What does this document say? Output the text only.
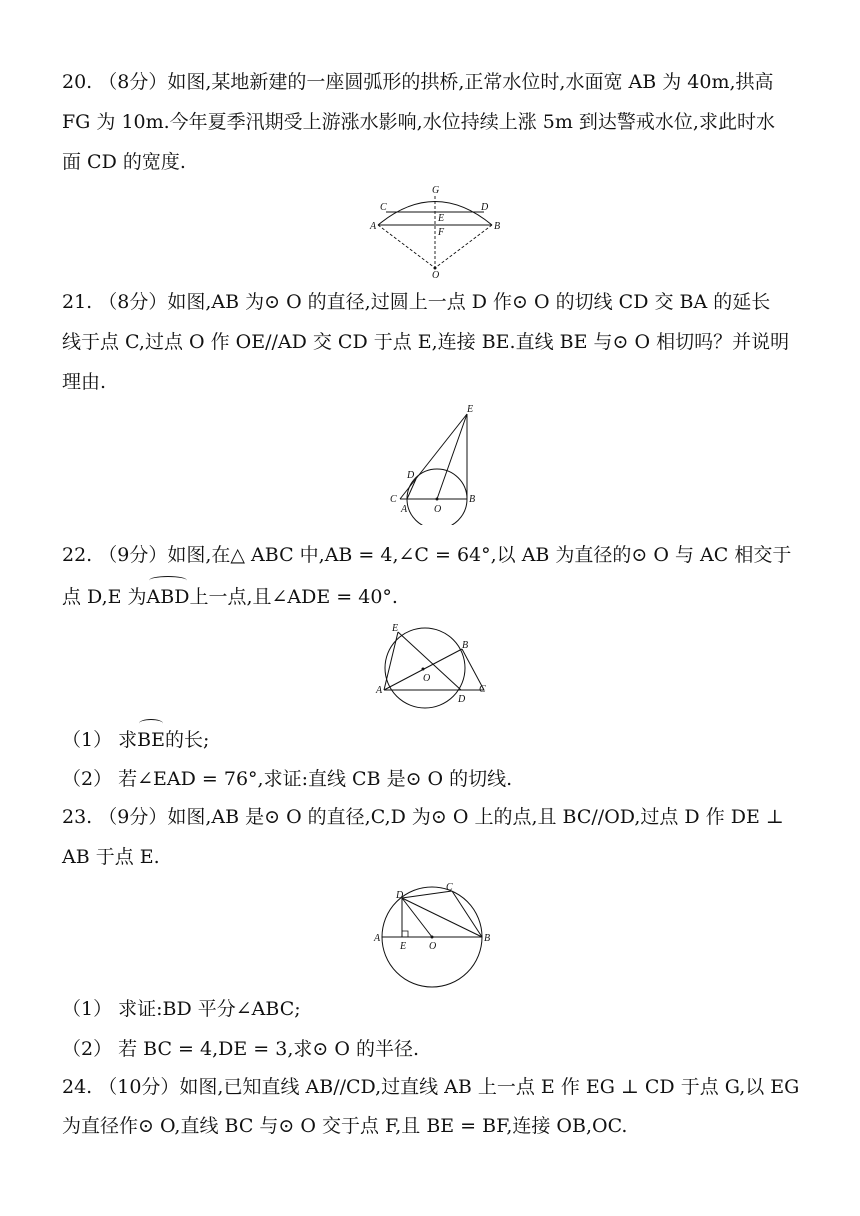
20. （8分）如图,某地新建的一座圆弧形的拱桥,正常水位时,水面宽 AB 为 40m,拱高
FG 为 10m.今年夏季汛期受上游涨水影响,水位持续上涨 5m 到达警戒水位,求此时水
面 CD 的宽度.
G
C	D
E
A	B
F
O
21. （8分）如图,AB 为⊙ O 的直径,过圆上一点 D 作⊙ O 的切线 CD 交 BA 的延长
线于点 C,过点 O 作 OE//AD 交 CD 于点 E,连接 BE.直线 BE 与⊙ O 相切吗？并说明
理由.
E
D
C
A	O
B
22. （9分）如图,在△ ABC 中,AB = 4,∠C = 64°,以 AB 为直径的⊙ O 与 AC 相交于
点 D,E 为ABD上一点,且∠ADE = 40°.
E
B
O
A
D
C
（1） 求BE的长;
（2） 若∠EAD = 76°,求证:直线 CB 是⊙ O 的切线.
23. （9分）如图,AB 是⊙ O 的直径,C,D 为⊙ O 上的点,且 BC//OD,过点 D 作 DE ⊥
AB 于点 E.
D
C
A
E O
B
（1） 求证:BD 平分∠ABC;
（2） 若 BC = 4,DE = 3,求⊙ O 的半径.
24. （10分）如图,已知直线 AB//CD,过直线 AB 上一点 E 作 EG ⊥ CD 于点 G,以 EG
为直径作⊙ O,直线 BC 与⊙ O 交于点 F,且 BE = BF,连接 OB,OC.
